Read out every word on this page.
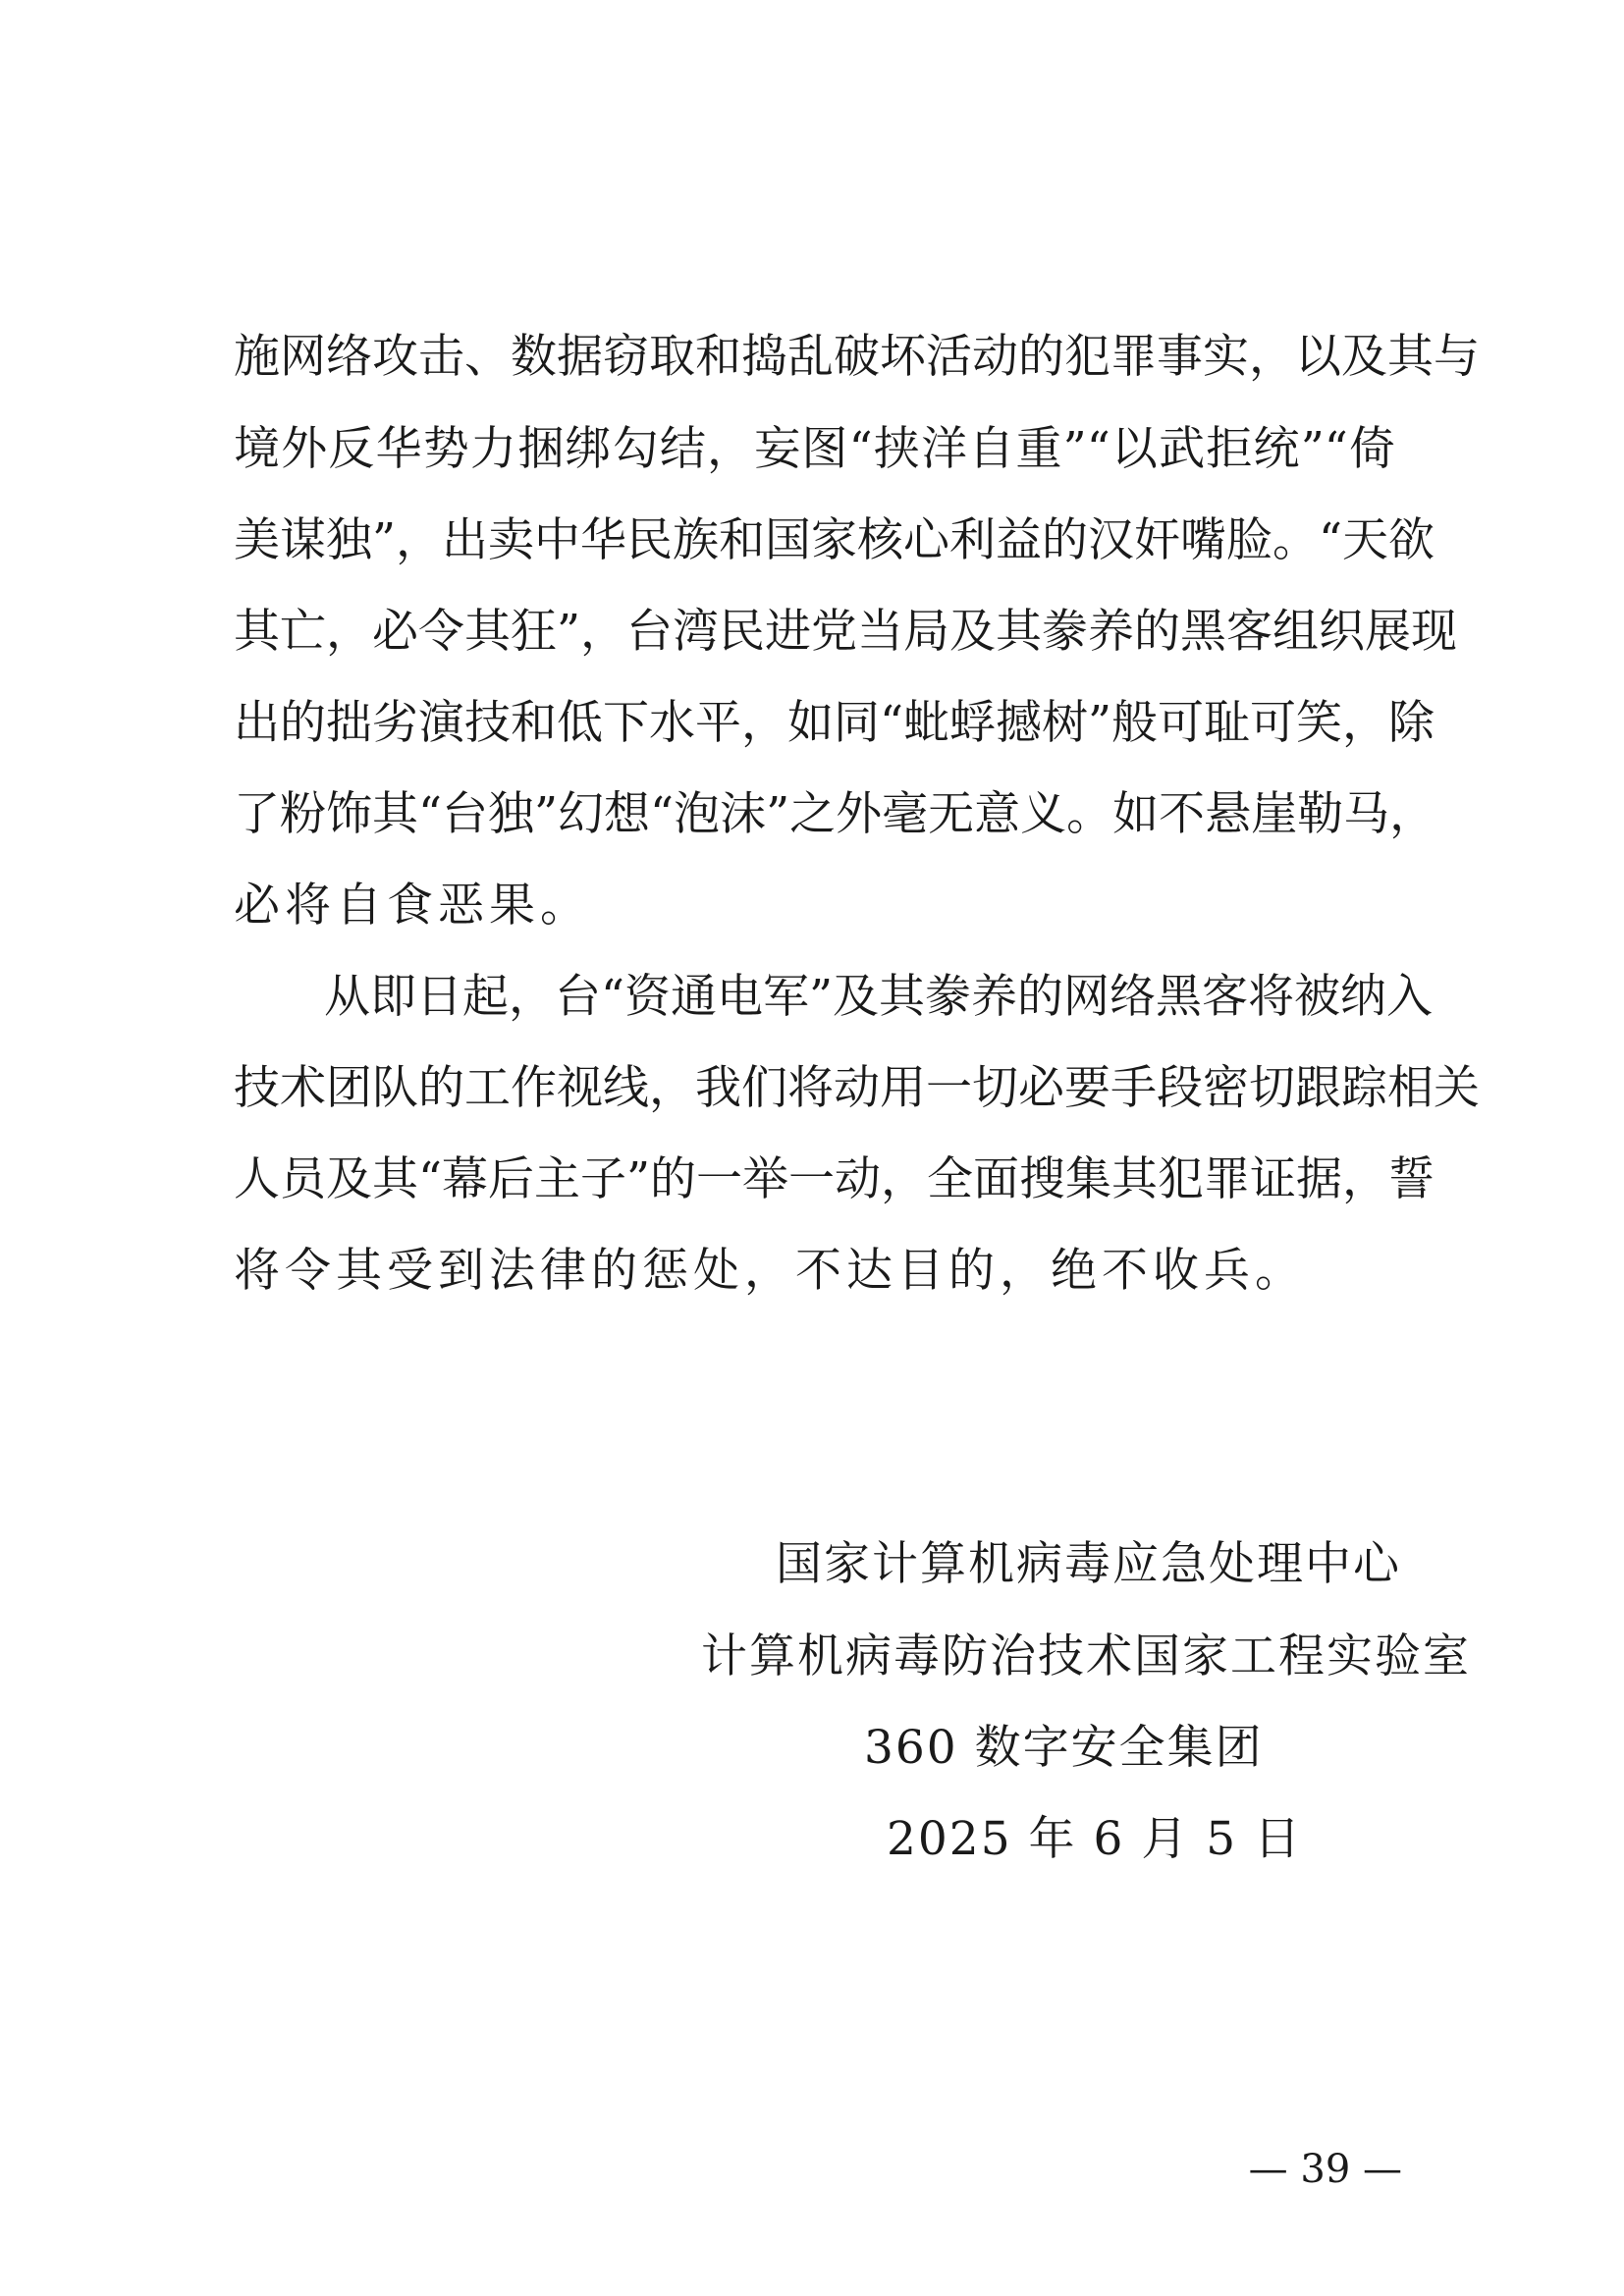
施网络攻击、数据窃取和捣乱破坏活动的犯罪事实，以及其与
境外反华势力捆绑勾结，妄图“挟洋自重”“以武拒统”“倚
美谋独”，出卖中华民族和国家核心利益的汉奸嘴脸。“天欲
其亡，必令其狂”，台湾民进党当局及其豢养的黑客组织展现
出的拙劣演技和低下水平，如同“蚍蜉撼树”般可耻可笑，除
了粉饰其“台独”幻想“泡沫”之外毫无意义。如不悬崖勒马，
必将自食恶果。
从即日起，台“资通电军”及其豢养的网络黑客将被纳入
技术团队的工作视线，我们将动用一切必要手段密切跟踪相关
人员及其“幕后主子”的一举一动，全面搜集其犯罪证据，誓
将令其受到法律的惩处，不达目的，绝不收兵。
国家计算机病毒应急处理中心
计算机病毒防治技术国家工程实验室
360 数字安全集团
2025 年 6 月 5 日
— 39 —
